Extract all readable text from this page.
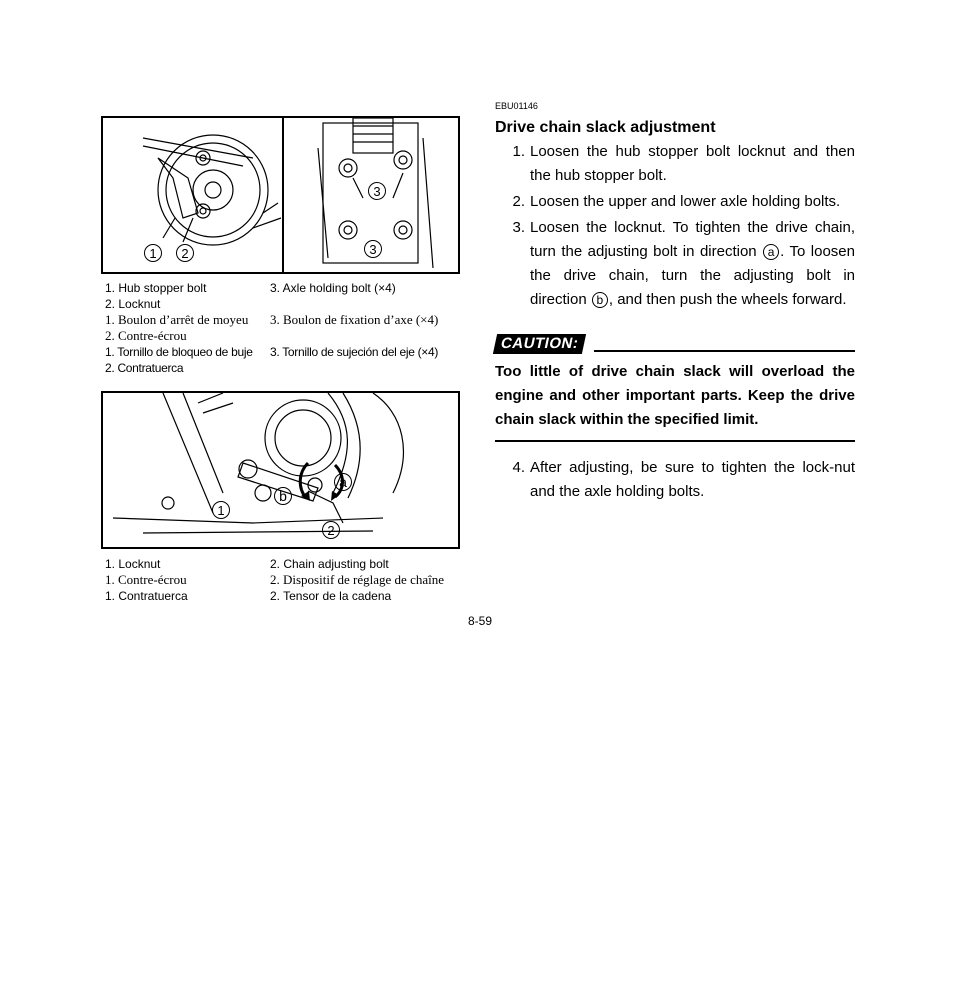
1	2
3
3
1. Hub stopper bolt	3. Axle holding bolt (×4)
2. Locknut
1. Boulon d’arrêt de moyeu	3. Boulon de fixation d’axe (×4)
2. Contre-écrou
1. Tornillo de bloqueo de buje	3. Tornillo de sujeción del eje (×4)
2. Contratuerca
1
2
a
b
1. Locknut	2. Chain adjusting bolt
1. Contre-écrou	2. Dispositif de réglage de chaîne
1. Contratuerca	2. Tensor de la cadena
EBU01146
Drive chain slack adjustment
1. Loosen the hub stopper bolt locknut and then the hub stopper bolt.
2. Loosen the upper and lower axle holding bolts.
3. Loosen the locknut. To tighten the drive chain, turn the adjusting bolt in direction a . To loosen the drive chain, turn the adjusting bolt in direction b , and then push the wheels forward.
CAUTION:
Too little of drive chain slack will overload the engine and other important parts. Keep the drive chain slack within the specified limit.
4. After adjusting, be sure to tighten the lock-nut and the axle holding bolts.
8-59
